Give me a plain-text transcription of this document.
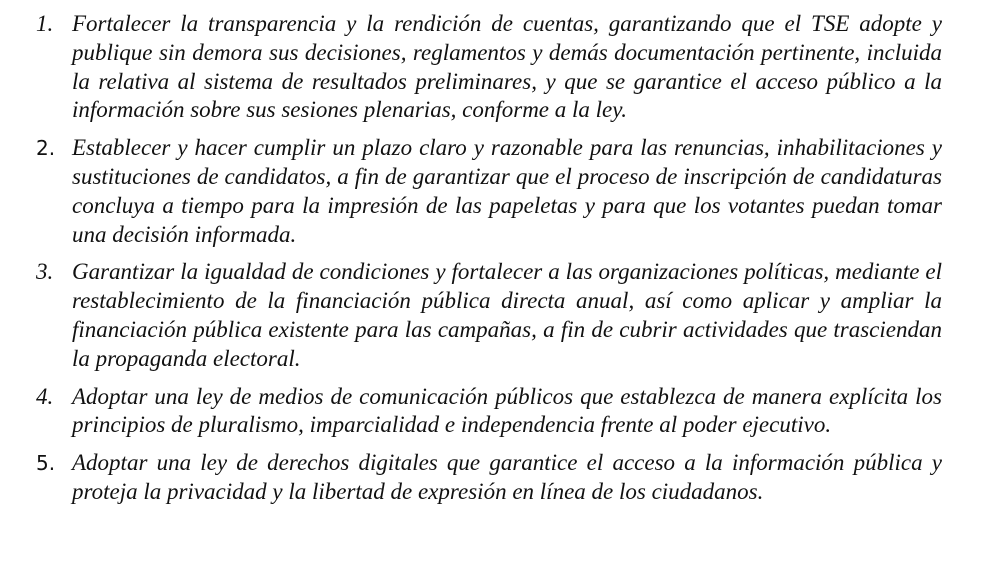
1. Fortalecer la transparencia y la rendición de cuentas, garantizando que el TSE adopte y publique sin demora sus decisiones, reglamentos y demás documentación pertinente, incluida la relativa al sistema de resultados preliminares, y que se garantice el acceso público a la información sobre sus sesiones plenarias, conforme a la ley.
2. Establecer y hacer cumplir un plazo claro y razonable para las renuncias, inhabilitaciones y sustituciones de candidatos, a fin de garantizar que el proceso de inscripción de candidaturas concluya a tiempo para la impresión de las papeletas y para que los votantes puedan tomar una decisión informada.
3. Garantizar la igualdad de condiciones y fortalecer a las organizaciones políticas, mediante el restablecimiento de la financiación pública directa anual, así como aplicar y ampliar la financiación pública existente para las campañas, a fin de cubrir actividades que trasciendan la propaganda electoral.
4. Adoptar una ley de medios de comunicación públicos que establezca de manera explícita los principios de pluralismo, imparcialidad e independencia frente al poder ejecutivo.
5. Adoptar una ley de derechos digitales que garantice el acceso a la información pública y proteja la privacidad y la libertad de expresión en línea de los ciudadanos.
